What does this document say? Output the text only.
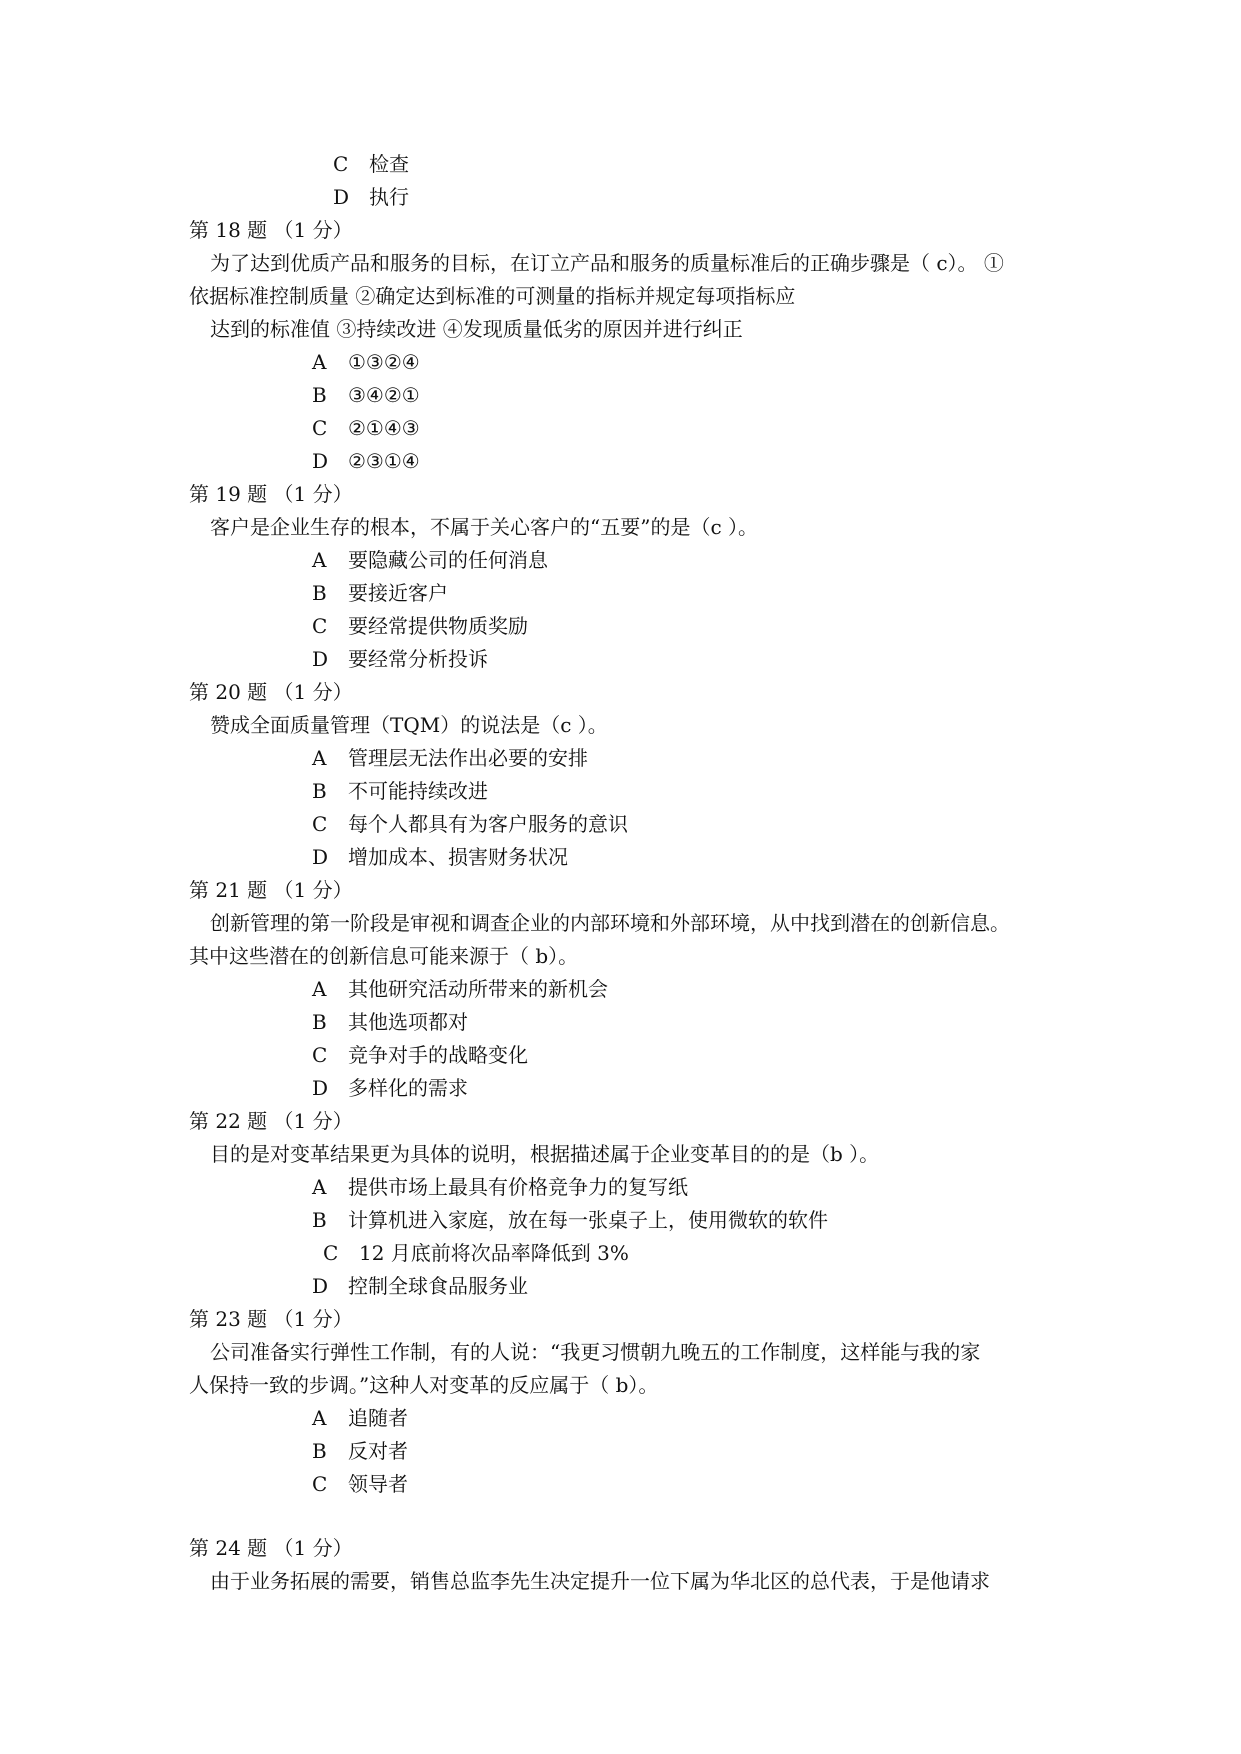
C 检查
D 执行
第 18 题 （1 分）
为了达到优质产品和服务的目标，在订立产品和服务的质量标准后的正确步骤是（ c）。 ①
依据标准控制质量 ②确定达到标准的可测量的指标并规定每项指标应
达到的标准值 ③持续改进 ④发现质量低劣的原因并进行纠正
A ①③②④
B ③④②①
C ②①④③
D ②③①④
第 19 题 （1 分）
客户是企业生存的根本，不属于关心客户的“五要”的是（c ）。
A 要隐藏公司的任何消息
B 要接近客户
C 要经常提供物质奖励
D 要经常分析投诉
第 20 题 （1 分）
赞成全面质量管理（TQM）的说法是（c ）。
A 管理层无法作出必要的安排
B 不可能持续改进
C 每个人都具有为客户服务的意识
D 增加成本、损害财务状况
第 21 题 （1 分）
创新管理的第一阶段是审视和调查企业的内部环境和外部环境，从中找到潜在的创新信息。
其中这些潜在的创新信息可能来源于（ b）。
A 其他研究活动所带来的新机会
B 其他选项都对
C 竞争对手的战略变化
D 多样化的需求
第 22 题 （1 分）
目的是对变革结果更为具体的说明，根据描述属于企业变革目的的是（b ）。
A 提供市场上最具有价格竞争力的复写纸
B 计算机进入家庭，放在每一张桌子上，使用微软的软件
C 12 月底前将次品率降低到 3%
D 控制全球食品服务业
第 23 题 （1 分）
公司准备实行弹性工作制，有的人说：“我更习惯朝九晚五的工作制度，这样能与我的家
人保持一致的步调。”这种人对变革的反应属于（ b）。
A 追随者
B 反对者
C 领导者
第 24 题 （1 分）
由于业务拓展的需要，销售总监李先生决定提升一位下属为华北区的总代表，于是他请求
